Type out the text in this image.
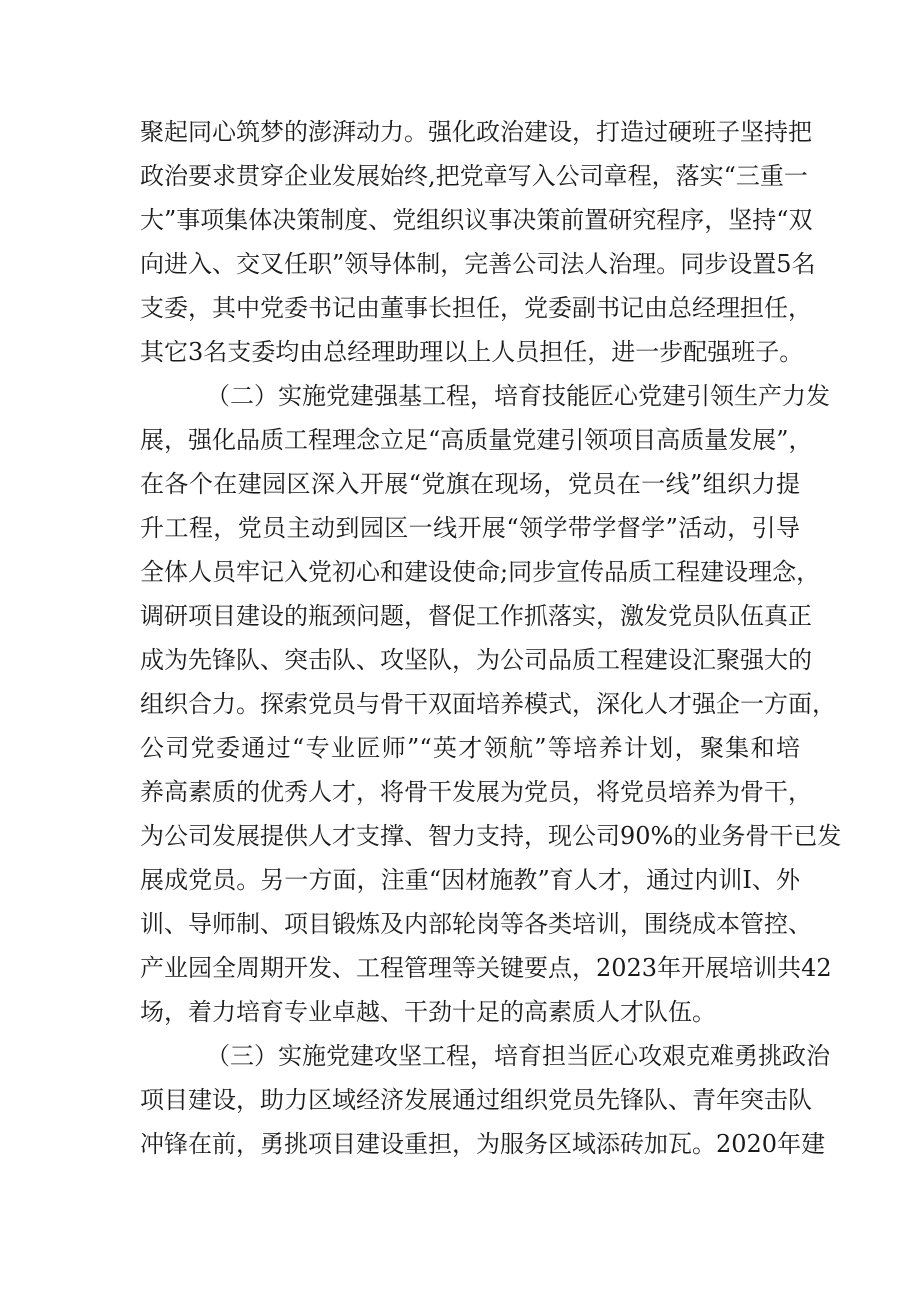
聚起同心筑梦的澎湃动力。强化政治建设，打造过硬班子坚持把
政治要求贯穿企业发展始终,把党章写入公司章程，落实“三重一
大”事项集体决策制度、党组织议事决策前置研究程序，坚持“双
向进入、交叉任职”领导体制，完善公司法人治理。同步设置5名
支委，其中党委书记由董事长担任，党委副书记由总经理担任，
其它3名支委均由总经理助理以上人员担任，进一步配强班子。
（二）实施党建强基工程，培育技能匠心党建引领生产力发
展，强化品质工程理念立足“高质量党建引领项目高质量发展”，
在各个在建园区深入开展“党旗在现场，党员在一线”组织力提
升工程，党员主动到园区一线开展“领学带学督学”活动，引导
全体人员牢记入党初心和建设使命;同步宣传品质工程建设理念，
调研项目建设的瓶颈问题，督促工作抓落实，激发党员队伍真正
成为先锋队、突击队、攻坚队，为公司品质工程建设汇聚强大的
组织合力。探索党员与骨干双面培养模式，深化人才强企一方面，
公司党委通过“专业匠师”“英才领航”等培养计划，聚集和培
养高素质的优秀人才，将骨干发展为党员，将党员培养为骨干，
为公司发展提供人才支撑、智力支持，现公司90%的业务骨干已发
展成党员。另一方面，注重“因材施教”育人才，通过内训I、外
训、导师制、项目锻炼及内部轮岗等各类培训，围绕成本管控、
产业园全周期开发、工程管理等关键要点，2023年开展培训共42
场，着力培育专业卓越、干劲十足的高素质人才队伍。
（三）实施党建攻坚工程，培育担当匠心攻艰克难勇挑政治
项目建设，助力区域经济发展通过组织党员先锋队、青年突击队
冲锋在前，勇挑项目建设重担，为服务区域添砖加瓦。2020年建
